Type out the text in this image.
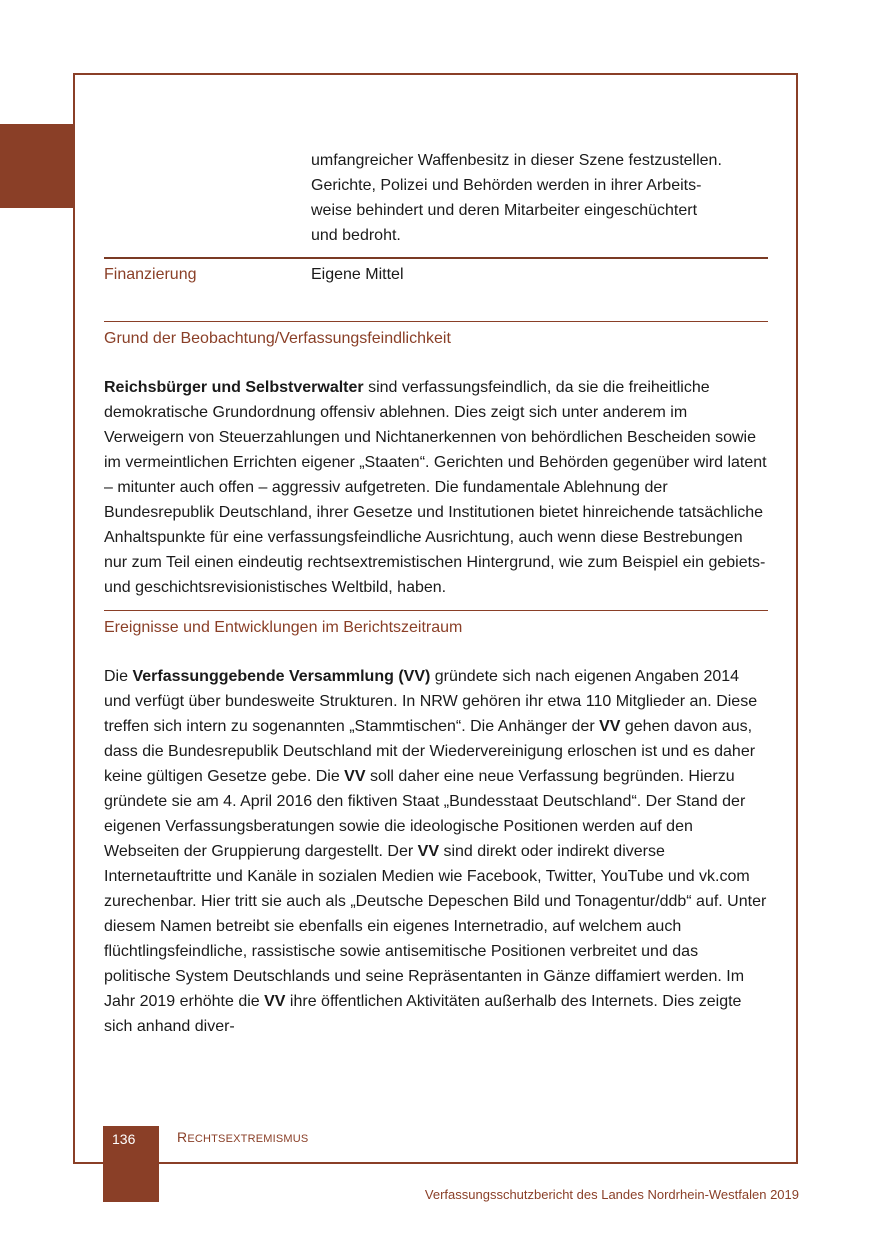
umfangreicher Waffenbesitz in dieser Szene festzustellen.
Gerichte, Polizei und Behörden werden in ihrer Arbeits-
weise behindert und deren Mitarbeiter eingeschüchtert
und bedroht.

Finanzierung	Eigene Mittel
Grund der Beobachtung/Verfassungsfeindlichkeit

Reichsbürger und Selbstverwalter sind verfassungsfeindlich, da sie die freiheitliche demokratische Grundordnung offensiv ablehnen. Dies zeigt sich unter anderem im Verweigern von Steuerzahlungen und Nichtanerkennen von behördlichen Bescheiden sowie im vermeintlichen Errichten eigener „Staaten“. Gerichten und Behörden gegenüber wird latent – mitunter auch offen – aggressiv aufgetreten. Die fundamentale Ablehnung der Bundesrepublik Deutschland, ihrer Gesetze und Institutionen bietet hinreichende tatsächliche Anhaltspunkte für eine verfassungsfeindliche Ausrichtung, auch wenn diese Bestrebungen nur zum Teil einen eindeutig rechtsextremistischen Hintergrund, wie zum Beispiel ein gebiets- und geschichtsrevisionistisches Weltbild, haben.

Ereignisse und Entwicklungen im Berichtszeitraum

Die Verfassunggebende Versammlung (VV) gründete sich nach eigenen Angaben 2014 und verfügt über bundesweite Strukturen. In NRW gehören ihr etwa 110 Mitglieder an. Diese treffen sich intern zu sogenannten „Stammtischen“. Die Anhänger der VV gehen davon aus, dass die Bundesrepublik Deutschland mit der Wiedervereinigung erloschen ist und es daher keine gültigen Gesetze gebe. Die VV soll daher eine neue Verfassung begründen. Hierzu gründete sie am 4. April 2016 den fiktiven Staat „Bundesstaat Deutschland“. Der Stand der eigenen Verfassungsberatungen sowie die ideologische Positionen werden auf den Webseiten der Gruppierung dargestellt. Der VV sind direkt oder indirekt diverse Internetauftritte und Kanäle in sozialen Medien wie Facebook, Twitter, YouTube und vk.com zurechenbar. Hier tritt sie auch als „Deutsche Depeschen Bild und Tonagentur/ddb“ auf. Unter diesem Namen betreibt sie ebenfalls ein eigenes Internetradio, auf welchem auch flüchtlingsfeindliche, rassistische sowie antisemitische Positionen verbreitet und das politische System Deutschlands und seine Repräsentanten in Gänze diffamiert werden. Im Jahr 2019 erhöhte die VV ihre öffentlichen Aktivitäten außerhalb des Internets. Dies zeigte sich anhand diver-

136	RECHTSEXTREMISMUS
Verfassungsschutzbericht des Landes Nordrhein-Westfalen 2019
